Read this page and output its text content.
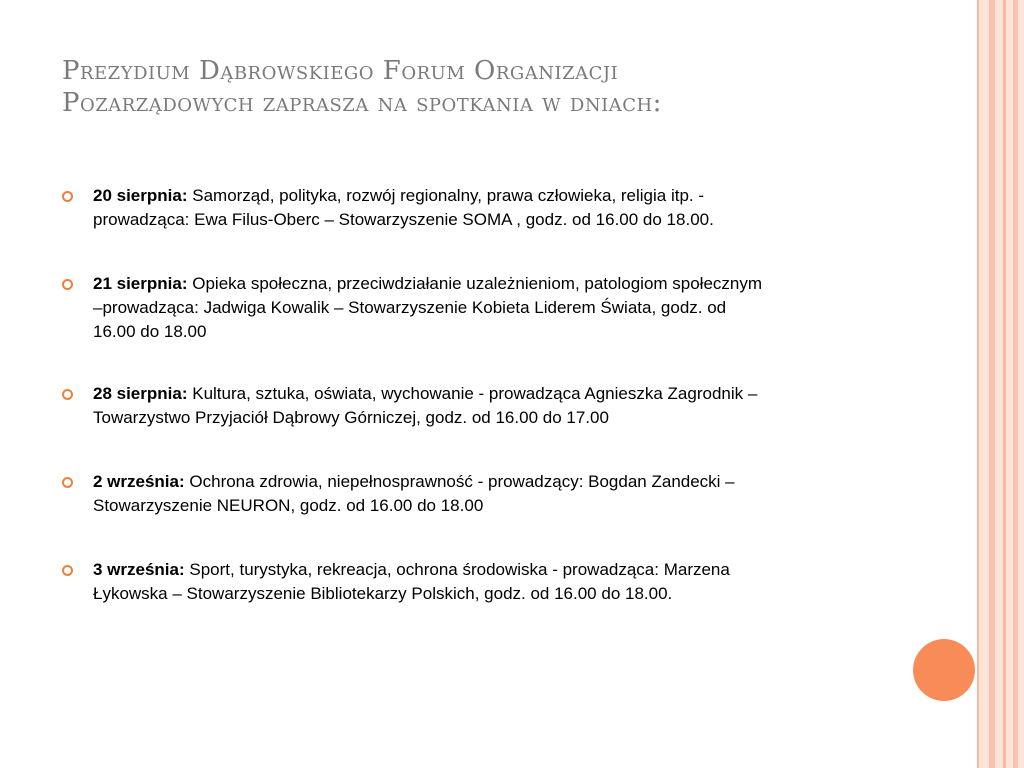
Prezydium Dąbrowskiego Forum Organizacji
Pozarządowych zaprasza na spotkania w dniach:
20 sierpnia: Samorząd, polityka, rozwój regionalny, prawa człowieka, religia itp. -
prowadząca: Ewa Filus-Oberc – Stowarzyszenie SOMA , godz. od 16.00 do 18.00.
21 sierpnia: Opieka społeczna, przeciwdziałanie uzależnieniom, patologiom społecznym
–prowadząca: Jadwiga Kowalik – Stowarzyszenie Kobieta Liderem Świata, godz. od
16.00 do 18.00
28 sierpnia: Kultura, sztuka, oświata, wychowanie - prowadząca Agnieszka Zagrodnik –
Towarzystwo Przyjaciół Dąbrowy Górniczej, godz. od 16.00 do 17.00
2 września: Ochrona zdrowia, niepełnosprawność - prowadzący: Bogdan Zandecki –
Stowarzyszenie NEURON, godz. od 16.00 do 18.00
3 września: Sport, turystyka, rekreacja, ochrona środowiska - prowadząca: Marzena
Łykowska – Stowarzyszenie Bibliotekarzy Polskich, godz. od 16.00 do 18.00.
